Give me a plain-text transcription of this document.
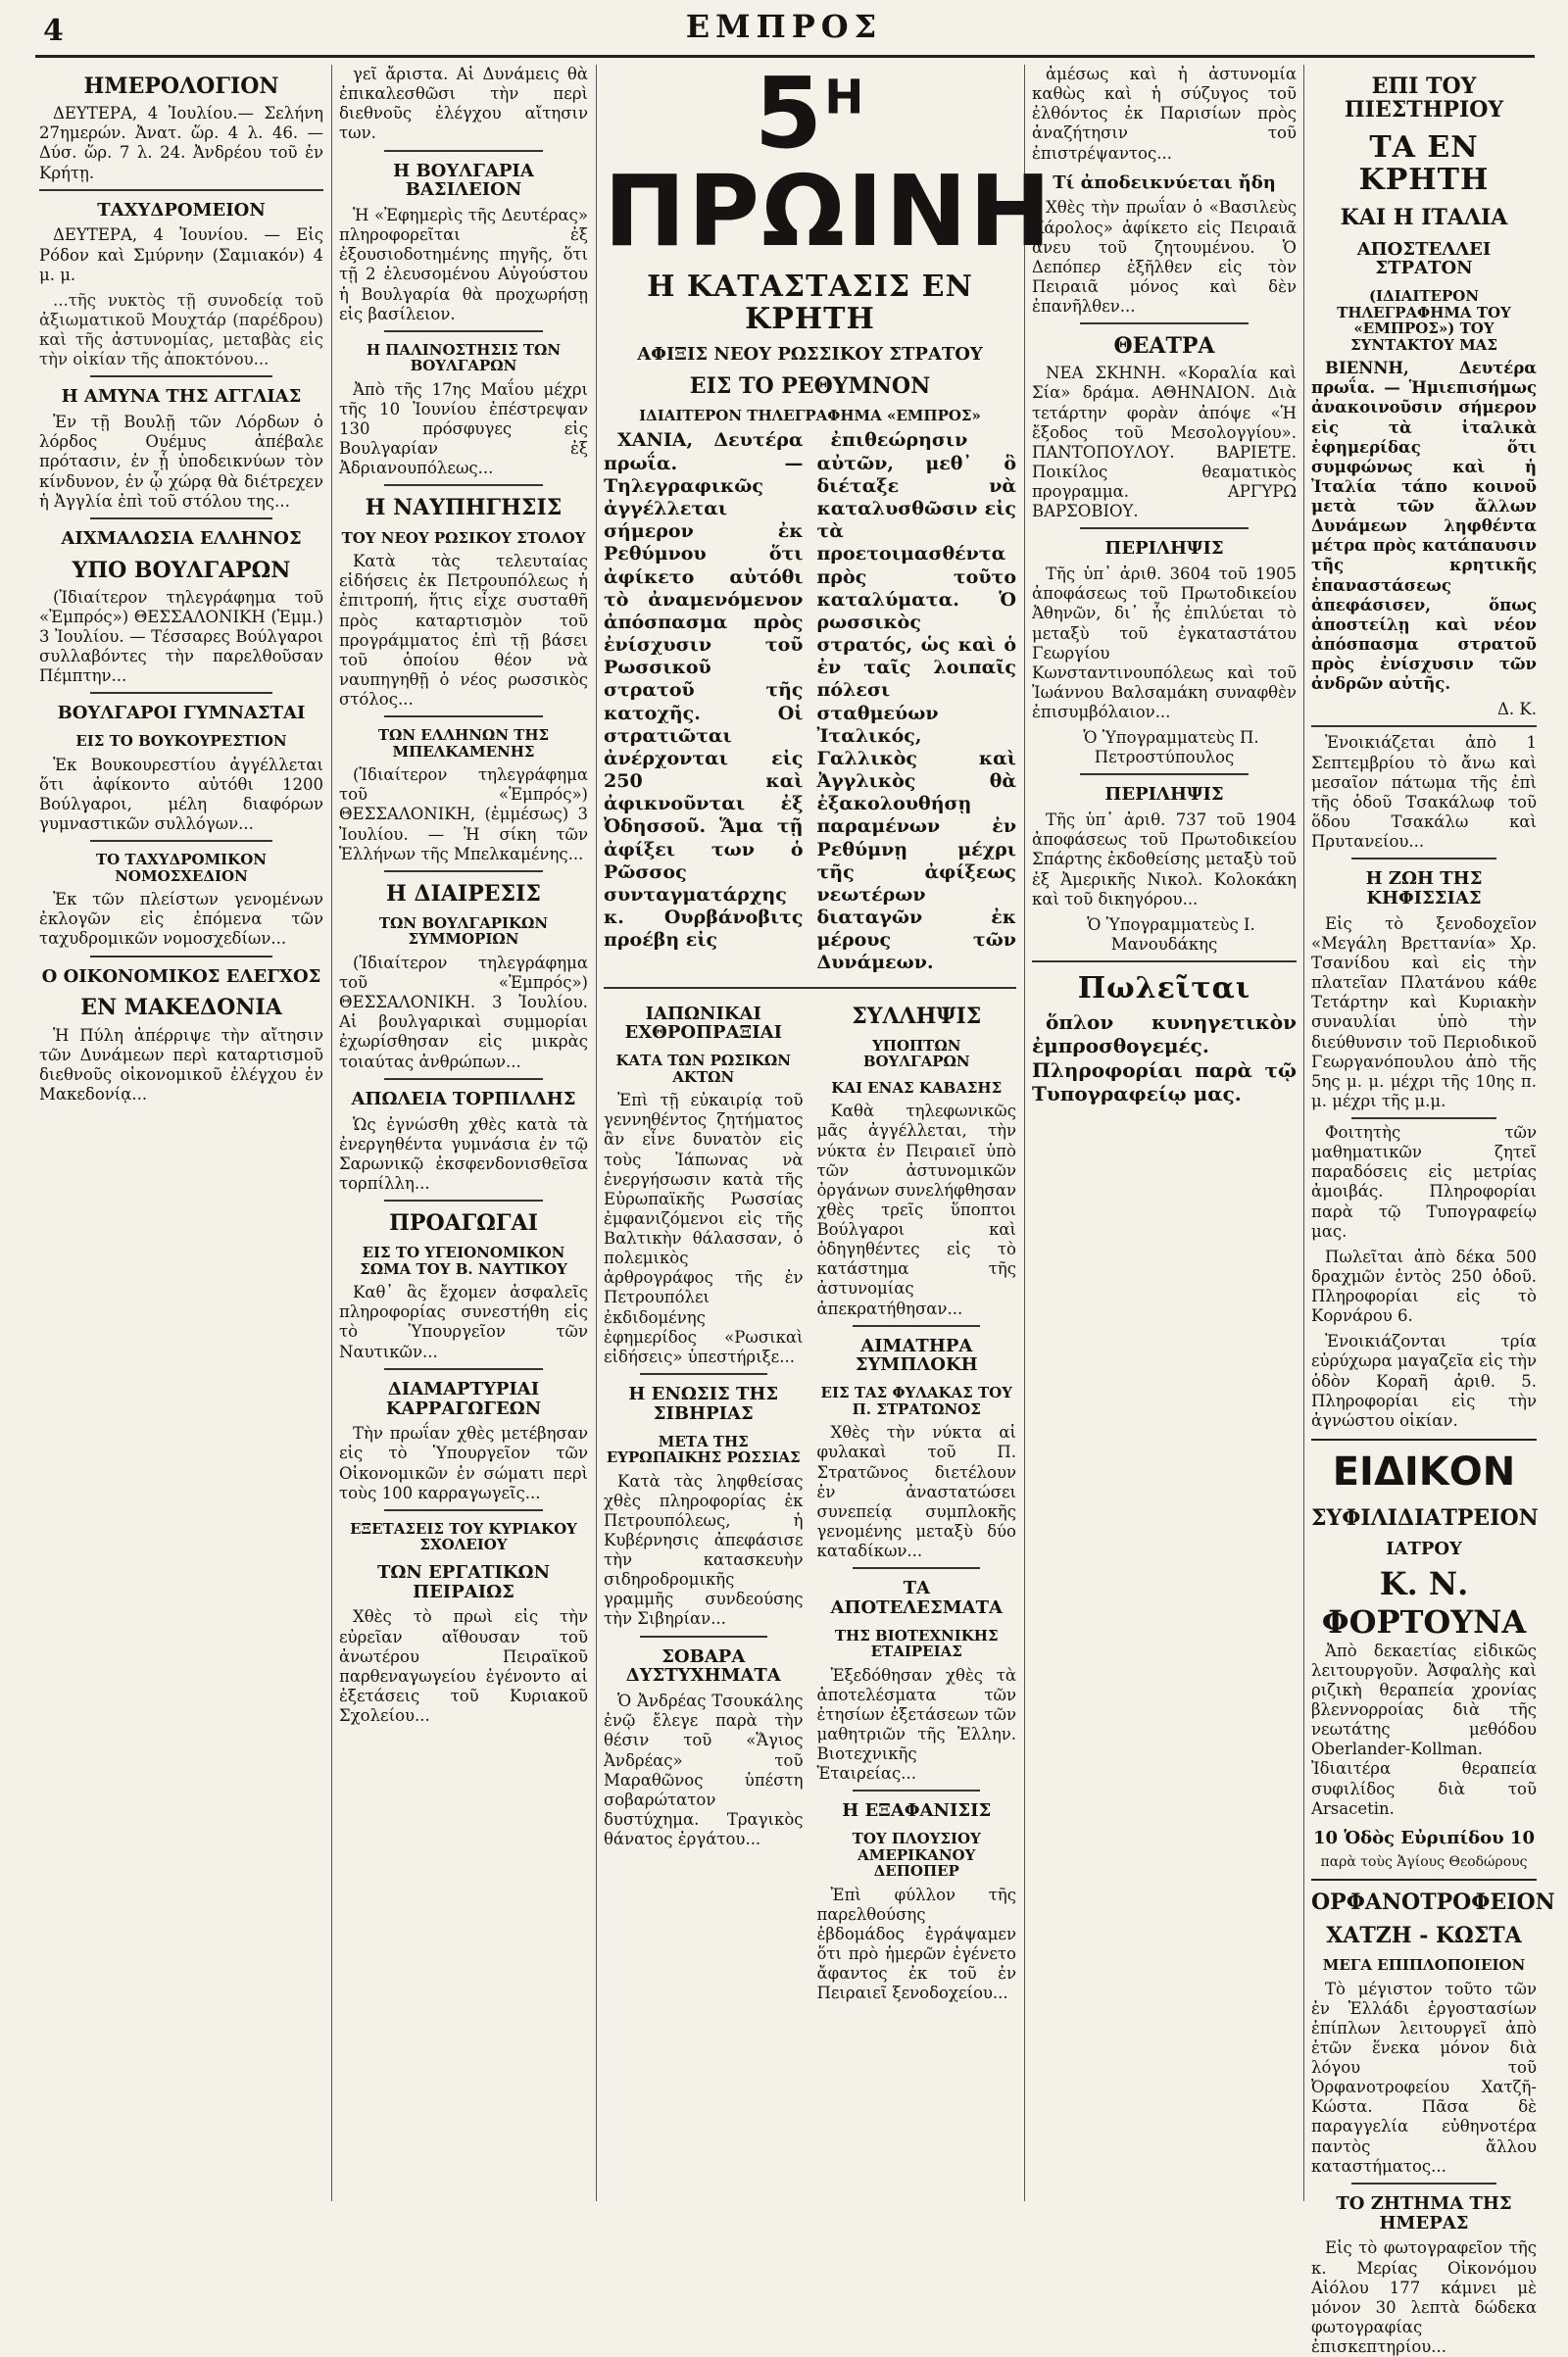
4	ΕΜΠΡΟΣ
ΗΜΕΡΟΛΟΓΙΟΝ
ΔΕΥΤΕΡΑ, 4 Ἰουλίου.— Σελήνη 27ημερών. Ἀνατ. ὥρ. 4 λ. 46. —Δύσ. ὥρ. 7 λ. 24. Ἀνδρέου τοῦ ἐν Κρήτῃ.
ΤΑΧΥΔΡΟΜΕΙΟΝ
ΔΕΥΤΕΡΑ, 4 Ἰουνίου. — Εἰς Ρόδον καὶ Σμύρνην (Σαμιακόν) 4 μ. μ.
...τῆς νυκτὸς τῇ συνοδείᾳ τοῦ ἀξιωματικοῦ Μουχτάρ (παρέδρου) καὶ τῆς ἀστυνομίας, μεταβὰς εἰς τὴν οἰκίαν τῆς ἀποκτόνου...
Η ΑΜΥΝΑ ΤΗΣ ΑΓΓΛΙΑΣ
Ἐν τῇ Βουλῇ τῶν Λόρδων ὁ λόρδος Ουέμυς ἀπέβαλε πρότασιν, ἐν ᾗ ὑποδεικνύων τὸν κίνδυνον, ἐν ᾧ χώρᾳ θὰ διέτρεχεν ἡ Ἀγγλία ἐπὶ τοῦ στόλου της...
ΑΙΧΜΑΛΩΣΙΑ ΕΛΛΗΝΟΣ
ΥΠΟ ΒΟΥΛΓΑΡΩΝ
(Ἰδιαίτερον τηλεγράφημα τοῦ «Ἐμπρός») ΘΕΣΣΑΛΟΝΙΚΗ (Ἐμμ.) 3 Ἰουλίου. — Τέσσαρες Βούλγαροι συλλαβόντες τὴν παρελθοῦσαν Πέμπτην...
ΒΟΥΛΓΑΡΟΙ ΓΥΜΝΑΣΤΑΙ
ΕΙΣ ΤΟ ΒΟΥΚΟΥΡΕΣΤΙΟΝ
Ἐκ Βουκουρεστίου ἀγγέλλεται ὅτι ἀφίκοντο αὐτόθι 1200 Βούλγαροι, μέλη διαφόρων γυμναστικῶν συλλόγων...
ΤΟ ΤΑΧΥΔΡΟΜΙΚΟΝ ΝΟΜΟΣΧΕΔΙΟΝ
Ἐκ τῶν πλείστων γενομένων ἐκλογῶν εἰς ἐπόμενα τῶν ταχυδρομικῶν νομοσχεδίων...
Ο ΟΙΚΟΝΟΜΙΚΟΣ ΕΛΕΓΧΟΣ
ΕΝ ΜΑΚΕΔΟΝΙΑ
Ἡ Πύλη ἀπέρριψε τὴν αἴτησιν τῶν Δυνάμεων περὶ καταρτισμοῦ διεθνοῦς οἰκονομικοῦ ἐλέγχου ἐν Μακεδονίᾳ...
γεῖ ἄριστα. Αἱ Δυνάμεις θὰ ἐπικαλεσθῶσι τὴν περὶ διεθνοῦς ἐλέγχου αἴτησιν των.
Η ΒΟΥΛΓΑΡΙΑ ΒΑΣΙΛΕΙΟΝ
Ἡ «Ἐφημερὶς τῆς Δευτέρας» πληροφορεῖται ἐξ ἐξουσιοδοτημένης πηγῆς, ὅτι τῇ 2 ἐλευσομένου Αὐγούστου ἡ Βουλγαρία θὰ προχωρήσῃ εἰς βασίλειον.
Η ΠΑΛΙΝΟΣΤΗΣΙΣ ΤΩΝ ΒΟΥΛΓΑΡΩΝ
Ἀπὸ τῆς 17ης Μαΐου μέχρι τῆς 10 Ἰουνίου ἐπέστρεψαν 130 πρόσφυγες εἰς Βουλγαρίαν ἐξ Ἀδριανουπόλεως...
Η ΝΑΥΠΗΓΗΣΙΣ
ΤΟΥ ΝΕΟΥ ΡΩΣΙΚΟΥ ΣΤΟΛΟΥ
Κατὰ τὰς τελευταίας εἰδήσεις ἐκ Πετρουπόλεως ἡ ἐπιτροπή, ἥτις εἶχε συσταθῆ πρὸς καταρτισμὸν τοῦ προγράμματος ἐπὶ τῇ βάσει τοῦ ὁποίου θέον νὰ ναυπηγηθῇ ὁ νέος ρωσσικὸς στόλος...
ΤΩΝ ΕΛΛΗΝΩΝ ΤΗΣ ΜΠΕΛΚΑΜΕΝΗΣ
(Ἰδιαίτερον τηλεγράφημα τοῦ «Ἐμπρός») ΘΕΣΣΑΛΟΝΙΚΗ, (ἐμμέσως) 3 Ἰουλίου. — Ἡ σίκη τῶν Ἑλλήνων τῆς Μπελκαμένης...
Η ΔΙΑΙΡΕΣΙΣ
ΤΩΝ ΒΟΥΛΓΑΡΙΚΩΝ ΣΥΜΜΟΡΙΩΝ
(Ἰδιαίτερον τηλεγράφημα τοῦ «Ἐμπρός») ΘΕΣΣΑΛΟΝΙΚΗ. 3 Ἰουλίου. Αἱ βουλγαρικαὶ συμμορίαι ἐχωρίσθησαν εἰς μικρὰς τοιαύτας ἀνθρώπων...
ΑΠΩΛΕΙΑ ΤΟΡΠΙΛΛΗΣ
Ὡς ἐγνώσθη χθὲς κατὰ τὰ ἐνεργηθέντα γυμνάσια ἐν τῷ Σαρωνικῷ ἐκσφενδονισθεῖσα τορπίλλη...
ΠΡΟΑΓΩΓΑΙ
ΕΙΣ ΤΟ ΥΓΕΙΟΝΟΜΙΚΟΝ ΣΩΜΑ ΤΟΥ Β. ΝΑΥΤΙΚΟΥ
Καθ᾽ ἃς ἔχομεν ἀσφαλεῖς πληροφορίας συνεστήθη εἰς τὸ Ὑπουργεῖον τῶν Ναυτικῶν...
ΔΙΑΜΑΡΤΥΡΙΑΙ ΚΑΡΡΑΓΩΓΕΩΝ
Τὴν πρωΐαν χθὲς μετέβησαν εἰς τὸ Ὑπουργεῖον τῶν Οἰκονομικῶν ἐν σώματι περὶ τοὺς 100 καρραγωγεῖς...
ΕΞΕΤΑΣΕΙΣ ΤΟΥ ΚΥΡΙΑΚΟΥ ΣΧΟΛΕΙΟΥ
ΤΩΝ ΕΡΓΑΤΙΚΩΝ ΠΕΙΡΑΙΩΣ
Χθὲς τὸ πρωὶ εἰς τὴν εὐρεῖαν αἴθουσαν τοῦ ἀνωτέρου Πειραϊκοῦ παρθεναγωγείου ἐγένοντο αἱ ἐξετάσεις τοῦ Κυριακοῦ Σχολείου...
$5^H$ ΠΡΩΙΝΗ
Η ΚΑΤΑΣΤΑΣΙΣ ΕΝ ΚΡΗΤΗ
ΑΦΙΞΙΣ ΝΕΟΥ ΡΩΣΣΙΚΟΥ ΣΤΡΑΤΟΥ
ΕΙΣ ΤΟ ΡΕΘΥΜΝΟΝ
ΙΔΙΑΙΤΕΡΟΝ ΤΗΛΕΓΡΑΦΗΜΑ «ΕΜΠΡΟΣ»
ΧΑΝΙΑ, Δευτέρα πρωΐα. — Τηλεγραφικῶς ἀγγέλλεται σήμερον ἐκ Ρεθύμνου ὅτι ἀφίκετο αὐτόθι τὸ ἀναμενόμενον ἀπόσπασμα πρὸς ἐνίσχυσιν τοῦ Ρωσσικοῦ στρατοῦ τῆς κατοχῆς. Οἱ στρατιῶται ἀνέρχονται εἰς 250 καὶ ἀφικνοῦνται ἐξ Ὀδησσοῦ. Ἅμα τῇ ἀφίξει των ὁ Ρῶσσος συνταγματάρχης κ. Ουρβάνοβιτς προέβη εἰς
ἐπιθεώρησιν αὐτῶν, μεθ᾽ ὃ διέταξε νὰ καταλυσθῶσιν εἰς τὰ προετοιμασθέντα πρὸς τοῦτο καταλύματα. Ὁ ρωσσικὸς στρατός, ὡς καὶ ὁ ἐν ταῖς λοιπαῖς πόλεσι σταθμεύων Ἰταλικός, Γαλλικὸς καὶ Ἀγγλικὸς θὰ ἐξακολουθήσῃ παραμένων ἐν Ρεθύμνῃ μέχρι τῆς ἀφίξεως νεωτέρων διαταγῶν ἐκ μέρους τῶν Δυνάμεων.
ΙΑΠΩΝΙΚΑΙ ΕΧΘΡΟΠΡΑΞΙΑΙ
ΚΑΤΑ ΤΩΝ ΡΩΣΙΚΩΝ ΑΚΤΩΝ
Ἐπὶ τῇ εὐκαιρίᾳ τοῦ γεννηθέντος ζητήματος ἂν εἶνε δυνατὸν εἰς τοὺς Ἰάπωνας νὰ ἐνεργήσωσιν κατὰ τῆς Εὐρωπαϊκῆς Ρωσσίας ἐμφανιζόμενοι εἰς τῆς Βαλτικὴν θάλασσαν, ὁ πολεμικὸς ἀρθρογράφος τῆς ἐν Πετρουπόλει ἐκδιδομένης ἐφημερίδος «Ρωσικαὶ εἰδήσεις» ὑπεστήριξε...
Η ΕΝΩΣΙΣ ΤΗΣ ΣΙΒΗΡΙΑΣ
ΜΕΤΑ ΤΗΣ ΕΥΡΩΠΑΙΚΗΣ ΡΩΣΣΙΑΣ
Κατὰ τὰς ληφθείσας χθὲς πληροφορίας ἐκ Πετρουπόλεως, ἡ Κυβέρνησις ἀπεφάσισε τὴν κατασκευὴν σιδηροδρομικῆς γραμμῆς συνδεούσης τὴν Σιβηρίαν...
ΣΟΒΑΡΑ ΔΥΣΤΥΧΗΜΑΤΑ
Ὁ Ἀνδρέας Τσουκάλης ἐνῷ ἔλεγε παρὰ τὴν θέσιν τοῦ «Ἅγιος Ἀνδρέας» τοῦ Μαραθῶνος ὑπέστη σοβαρώτατον δυστύχημα. Τραγικὸς θάνατος ἐργάτου...
ΣΥΛΛΗΨΙΣ
ΥΠΟΠΤΩΝ ΒΟΥΛΓΑΡΩΝ
ΚΑΙ ΕΝΑΣ ΚΑΒΑΣΗΣ
Καθὰ τηλεφωνικῶς μᾶς ἀγγέλλεται, τὴν νύκτα ἐν Πειραιεῖ ὑπὸ τῶν ἀστυνομικῶν ὀργάνων συνελήφθησαν χθὲς τρεῖς ὕποπτοι Βούλγαροι καὶ ὁδηγηθέντες εἰς τὸ κατάστημα τῆς ἀστυνομίας ἀπεκρατήθησαν...
ΑΙΜΑΤΗΡΑ ΣΥΜΠΛΟΚΗ
ΕΙΣ ΤΑΣ ΦΥΛΑΚΑΣ ΤΟΥ Π. ΣΤΡΑΤΩΝΟΣ
Χθὲς τὴν νύκτα αἱ φυλακαὶ τοῦ Π. Στρατῶνος διετέλουν ἐν ἀναστατώσει συνεπείᾳ συμπλοκῆς γενομένης μεταξὺ δύο καταδίκων...
ΤΑ ΑΠΟΤΕΛΕΣΜΑΤΑ
ΤΗΣ ΒΙΟΤΕΧΝΙΚΗΣ ΕΤΑΙΡΕΙΑΣ
Ἐξεδόθησαν χθὲς τὰ ἀποτελέσματα τῶν ἐτησίων ἐξετάσεων τῶν μαθητριῶν τῆς Ἑλλην. Βιοτεχνικῆς Ἑταιρείας...
Η ΕΞΑΦΑΝΙΣΙΣ
ΤΟΥ ΠΛΟΥΣΙΟΥ ΑΜΕΡΙΚΑΝΟΥ ΔΕΠΟΠΕΡ
Ἐπὶ φύλλον τῆς παρελθούσης ἑβδομάδος ἐγράψαμεν ὅτι πρὸ ἡμερῶν ἐγένετο ἄφαντος ἐκ τοῦ ἐν Πειραιεῖ ξενοδοχείου...
ἀμέσως καὶ ἡ ἀστυνομία καθὼς καὶ ἡ σύζυγος τοῦ ἐλθόντος ἐκ Παρισίων πρὸς ἀναζήτησιν τοῦ ἐπιστρέψαντος...
Τί ἀποδεικνύεται ἤδη
Χθὲς τὴν πρωΐαν ὁ «Βασιλεὺς Κάρολος» ἀφίκετο εἰς Πειραιᾶ ἄνευ τοῦ ζητουμένου. Ὁ Δεπόπερ ἐξῆλθεν εἰς τὸν Πειραιᾶ μόνος καὶ δὲν ἐπανῆλθεν...
ΘΕΑΤΡΑ
ΝΕΑ ΣΚΗΝΗ. «Κοραλία καὶ Σία» δράμα. ΑΘΗΝΑΙΟΝ. Διὰ τετάρτην φορὰν ἀπόψε «Ἡ ἔξοδος τοῦ Μεσολογγίου». ΠΑΝΤΟΠΟΥΛΟΥ. ΒΑΡΙΕΤΕ. Ποικίλος θεαματικὸς προγραμμα. ΑΡΓΥΡΩ ΒΑΡΣΟΒΙΟΥ.
ΠΕΡΙΛΗΨΙΣ
Τῆς ὑπ᾽ ἀριθ. 3604 τοῦ 1905 ἀποφάσεως τοῦ Πρωτοδικείου Ἀθηνῶν, δι᾽ ἧς ἐπιλύεται τὸ μεταξὺ τοῦ ἐγκαταστάτου Γεωργίου Κωνσταντινουπόλεως καὶ τοῦ Ἰωάννου Βαλσαμάκη συναφθὲν ἐπισυμβόλαιον...
Ὁ Ὑπογραμματεὺς Π. Πετροστύπουλος
ΠΕΡΙΛΗΨΙΣ
Τῆς ὑπ᾽ ἀριθ. 737 τοῦ 1904 ἀποφάσεως τοῦ Πρωτοδικείου Σπάρτης ἐκδοθείσης μεταξὺ τοῦ ἐξ Ἀμερικῆς Νικολ. Κολοκάκη καὶ τοῦ δικηγόρου...
Ὁ Ὑπογραμματεὺς Ι. Μανουδάκης
Πωλεῖται
ὅπλον κυνηγετικὸν ἐμπροσθογεμές. Πληροφορίαι παρὰ τῷ Τυπογραφείῳ μας.
ΕΠΙ ΤΟΥ ΠΙΕΣΤΗΡΙΟΥ
ΤΑ ΕΝ ΚΡΗΤΗ
ΚΑΙ Η ΙΤΑΛΙΑ
ΑΠΟΣΤΕΛΛΕΙ ΣΤΡΑΤΟΝ
(ΙΔΙΑΙΤΕΡΟΝ ΤΗΛΕΓΡΑΦΗΜΑ ΤΟΥ «ΕΜΠΡΟΣ») ΤΟΥ ΣΥΝΤΑΚΤΟΥ ΜΑΣ
ΒΙΕΝΝΗ, Δευτέρα πρωΐα. — Ἡμιεπισήμως ἀνακοινοῦσιν σήμερον εἰς τὰ ἰταλικὰ ἐφημερίδας ὅτι συμφώνως καὶ ἡ Ἰταλία τάπο κοινοῦ μετὰ τῶν ἄλλων Δυνάμεων ληφθέντα μέτρα πρὸς κατάπαυσιν τῆς κρητικῆς ἐπαναστάσεως ἀπεφάσισεν, ὅπως ἀποστείλῃ καὶ νέον ἀπόσπασμα στρατοῦ πρὸς ἐνίσχυσιν τῶν ἀνδρῶν αὐτῆς.
Δ. Κ.
Ἐνοικιάζεται ἀπὸ 1 Σεπτεμβρίου τὸ ἄνω καὶ μεσαῖον πάτωμα τῆς ἐπὶ τῆς ὁδοῦ Τσακάλωφ τοῦ ὅδου Τσακάλω καὶ Πρυτανείου...
Η ΖΩΗ ΤΗΣ ΚΗΦΙΣΣΙΑΣ
Εἰς τὸ ξενοδοχεῖον «Μεγάλη Βρεττανία» Χρ. Τσανίδου καὶ εἰς τὴν πλατεῖαν Πλατάνου κάθε Τετάρτην καὶ Κυριακὴν συναυλίαι ὑπὸ τὴν διεύθυνσιν τοῦ Περιοδικοῦ Γεωργανόπουλου ἀπὸ τῆς 5ης μ. μ. μέχρι τῆς 10ης π. μ. μέχρι τῆς μ.μ.
Φοιτητὴς τῶν μαθηματικῶν ζητεῖ παραδόσεις εἰς μετρίας ἀμοιβάς. Πληροφορίαι παρὰ τῷ Τυπογραφείῳ μας.
Πωλεῖται ἀπὸ δέκα 500 δραχμῶν ἐντὸς 250 ὁδοῦ. Πληροφορίαι εἰς τὸ Κορνάρου 6.
Ἐνοικιάζονται τρία εὐρύχωρα μαγαζεῖα εἰς τὴν ὁδὸν Κοραῆ ἀριθ. 5. Πληροφορίαι εἰς τὴν ἀγνώστου οἰκίαν.
ΕΙΔΙΚΟΝ
ΣΥΦΙΛΙΔΙΑΤΡΕΙΟΝ
ΙΑΤΡΟΥ
Κ. Ν. ΦΟΡΤΟΥΝΑ
Ἀπὸ δεκαετίας εἰδικῶς λειτουργοῦν. Ἀσφαλὴς καὶ ριζικὴ θεραπεία χρονίας βλεννορροίας διὰ τῆς νεωτάτης μεθόδου Oberlander-Kollman. Ἰδιαιτέρα θεραπεία συφιλίδος διὰ τοῦ Arsacetin.
10 Ὁδὸς Εὐριπίδου 10
παρὰ τοὺς Ἁγίους Θεοδώρους
ΟΡΦΑΝΟΤΡΟΦΕΙΟΝ
ΧΑΤΖΗ - ΚΩΣΤΑ
ΜΕΓΑ ΕΠΙΠΛΟΠΟΙΕΙΟΝ
Τὸ μέγιστον τοῦτο τῶν ἐν Ἑλλάδι ἐργοστασίων ἐπίπλων λειτουργεῖ ἀπὸ ἐτῶν ἕνεκα μόνον διὰ λόγου τοῦ Ὀρφανοτροφείου Χατζῆ-Κώστα. Πᾶσα δὲ παραγγελία εὐθηνοτέρα παντὸς ἄλλου καταστήματος...
ΤΟ ΖΗΤΗΜΑ ΤΗΣ ΗΜΕΡΑΣ
Εἰς τὸ φωτογραφεῖον τῆς κ. Μερίας Οἰκονόμου Αἰόλου 177 κάμνει μὲ μόνον 30 λεπτὰ δώδεκα φωτογραφίας ἐπισκεπτηρίου...
